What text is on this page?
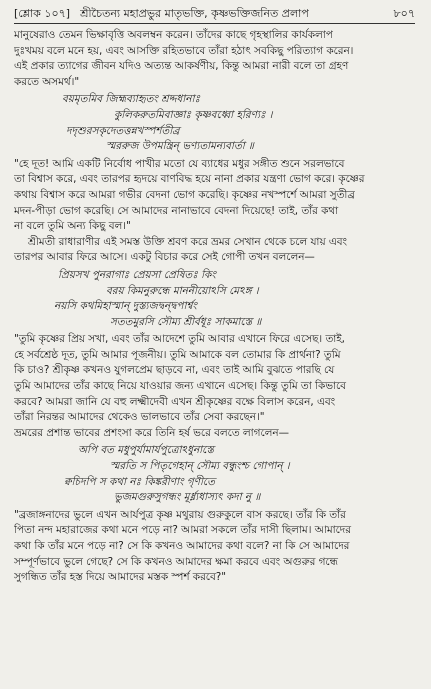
[শ্লোক ১০৭] শ্রীচৈতন্য মহাপ্রভুর মাতৃভক্তি, কৃষ্ণভক্তিজনিত প্রলাপ	৮০৭
মানুষেরাও তেমন ভিক্ষাবৃত্তি অবলম্বন করেন। তাঁদের কাছে গৃহস্থালির কার্যকলাপ
দুঃখময় বলে মনে হয়, এবং আসক্তি রহিতভাবে তাঁরা হঠাৎ সবকিছু পরিত্যাগ করেন।
এই প্রকার ত্যাগের জীবন যদিও অত্যন্ত আকর্ষণীয়, কিন্তু আমরা নারী বলে তা গ্রহণ
করতে অসমর্থ।"
বয়মৃতমিব জিহ্মব্যাহৃতং শ্রদ্দধানাঃ
কুলিকরুতমিবাজ্ঞাঃ কৃষ্ণবধ্বো হরিণ্যঃ ।
দদৃশুরসকৃদেতত্তন্নখস্পর্শতীব্র
স্মররুজ উপমন্ত্রিন্ ভণ্যতামন্যবার্তা ॥
"হে দূত! আমি একটি নির্বোধ পাখীর মতো যে ব্যাধের মধুর সঙ্গীত শুনে সরলভাবে
তা বিশ্বাস করে, এবং তারপর হৃদয়ে বাণবিদ্ধ হয়ে নানা প্রকার যন্ত্রণা ভোগ করে। কৃষ্ণের
কথায় বিশ্বাস করে আমরা গভীর বেদনা ভোগ করেছি। কৃষ্ণের নখস্পর্শে আমরা সুতীব্র
মদন-পীড়া ভোগ করেছি। সে আমাদের নানাভাবে বেদনা দিয়েছে! তাই, তাঁর কথা
না বলে তুমি অন্য কিছু বল।"
শ্রীমতী রাধারাণীর এই সমস্ত উক্তি শ্রবণ করে ভ্রমর সেখান থেকে চলে যায় এবং
তারপর আবার ফিরে আসে। একটু বিচার করে সেই গোপী তখন বললেন—
প্রিয়সখ পুনরাগাঃ প্রেয়সা প্রেষিতঃ কিং
বরয় কিমনুরুন্ধে মাননীয়োঽসি মেঽঙ্গ ।
নয়সি কথমিহাস্মান্ দুস্ত্যজদ্বন্দ্বপার্শ্বং
সততমুরসি সৌম্য শ্রীর্বধূঃ সাকমাস্তে ॥
"তুমি কৃষ্ণের প্রিয় সখা, এবং তাঁর আদেশে তুমি আবার এখানে ফিরে এসেছ। তাই,
হে সর্বশ্রেষ্ঠ দূত, তুমি আমার পূজনীয়। তুমি আমাকে বল তোমার কি প্রার্থনা? তুমি
কি চাও? শ্রীকৃষ্ণ কখনও যুগলপ্রেম ছাড়বে না, এবং তাই আমি বুঝতে পারছি যে
তুমি আমাদের তাঁর কাছে নিয়ে যাওয়ার জন্য এখানে এসেছ। কিন্তু তুমি তা কিভাবে
করবে? আমরা জানি যে বহু লক্ষ্মীদেবী এখন শ্রীকৃষ্ণের বক্ষে বিলাস করেন, এবং
তাঁরা নিরন্তর আমাদের থেকেও ভালভাবে তাঁর সেবা করছেন।"
ভ্রমরের প্রশান্ত ভাবের প্রশংসা করে তিনি হর্ষ ভরে বলতে লাগলেন—
অপি বত মধুপুর্যামার্যপুত্রোঽধুনাস্তে
স্মরতি স পিতৃগেহান্ সৌম্য বন্ধুংশ্চ গোপান্ ।
ক্বচিদপি স কথা নঃ কিঙ্করীণাং গৃণীতে
ভুজমগুরুসুগন্ধং মূর্ধ্ন্যধাস্যৎ কদা নু ॥
"ব্রজাঙ্গনাদের ভুলে এখন আর্যপুত্র কৃষ্ণ মথুরায় গুরুকুলে বাস করছে। তাঁর কি তাঁর
পিতা নন্দ মহারাজের কথা মনে পড়ে না? আমরা সকলে তাঁর দাসী ছিলাম। আমাদের
কথা কি তাঁর মনে পড়ে না? সে কি কখনও আমাদের কথা বলে? না কি সে আমাদের
সম্পূর্ণভাবে ভুলে গেছে? সে কি কখনও আমাদের ক্ষমা করবে এবং অগুরুর গন্ধে
সুগন্ধিত তাঁর হস্ত দিয়ে আমাদের মস্তক স্পর্শ করবে?"
